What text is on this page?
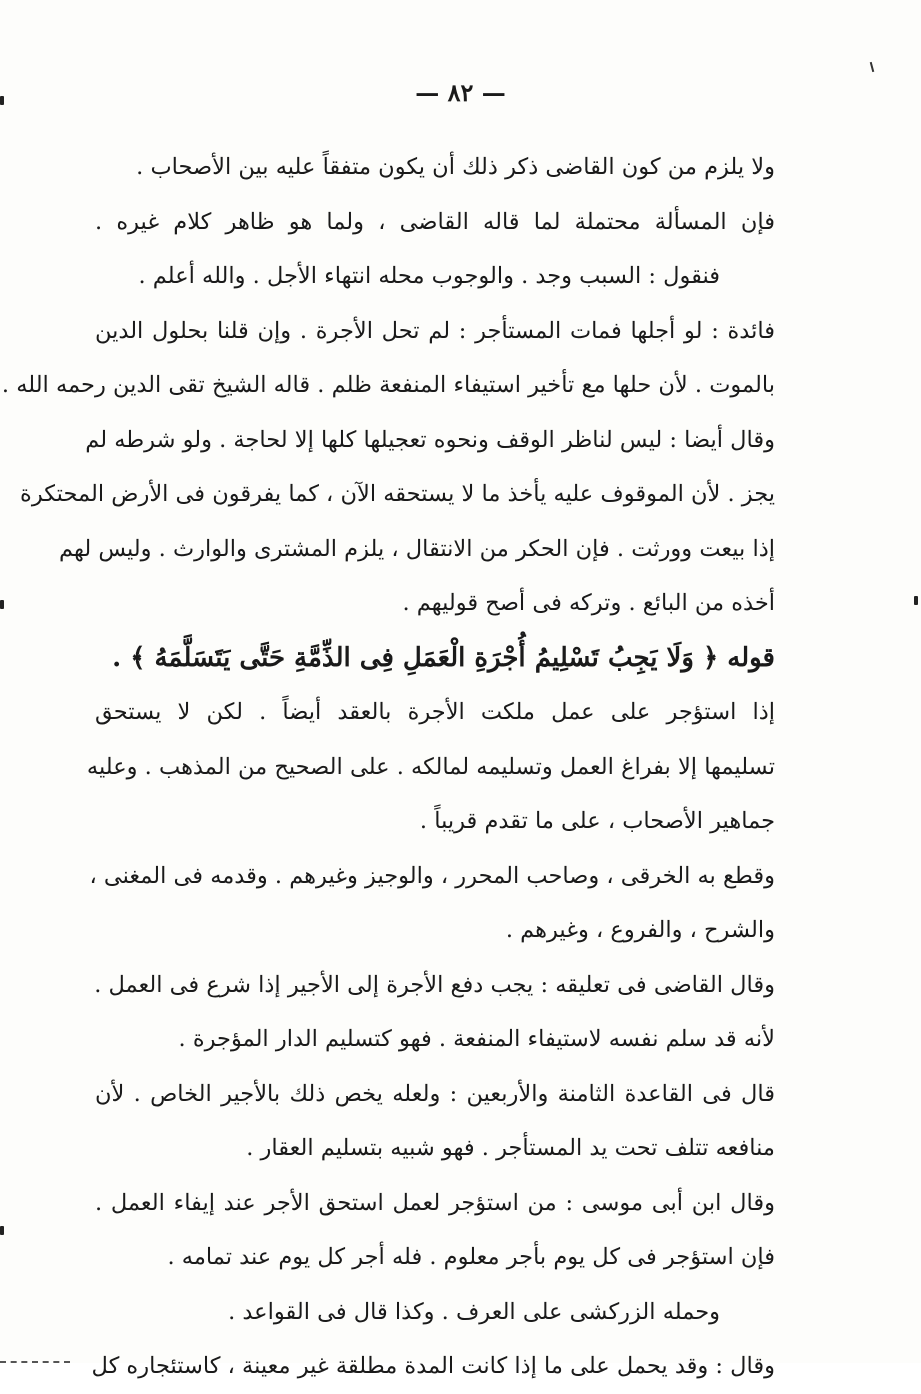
— ٨٢ —
ولا يلزم من كون القاضى ذكر ذلك أن يكون متفقاً عليه بين الأصحاب .
فإن المسألة محتملة لما قاله القاضى ، ولما هو ظاهر كلام غيره .
فنقول : السبب وجد . والوجوب محله انتهاء الأجل . والله أعلم .
فائدة : لو أجلها فمات المستأجر : لم تحل الأجرة . وإن قلنا بحلول الدين
بالموت . لأن حلها مع تأخير استيفاء المنفعة ظلم . قاله الشيخ تقى الدين رحمه الله .
وقال أيضا : ليس لناظر الوقف ونحوه تعجيلها كلها إلا لحاجة . ولو شرطه لم
يجز . لأن الموقوف عليه يأخذ ما لا يستحقه الآن ، كما يفرقون فى الأرض المحتكرة
إذا بيعت وورثت . فإن الحكر من الانتقال ، يلزم المشترى والوارث . وليس لهم
أخذه من البائع . وتركه فى أصح قوليهم .
قوله ﴿ وَلَا يَجِبُ تَسْلِيمُ أُجْرَةِ الْعَمَلِ فِى الذِّمَّةِ حَتَّى يَتَسَلَّمَهُ ﴾ .
إذا استؤجر على عمل ملكت الأجرة بالعقد أيضاً . لكن لا يستحق
تسليمها إلا بفراغ العمل وتسليمه لمالكه . على الصحيح من المذهب . وعليه
جماهير الأصحاب ، على ما تقدم قريباً .
وقطع به الخرقى ، وصاحب المحرر ، والوجيز وغيرهم . وقدمه فى المغنى ،
والشرح ، والفروع ، وغيرهم .
وقال القاضى فى تعليقه : يجب دفع الأجرة إلى الأجير إذا شرع فى العمل .
لأنه قد سلم نفسه لاستيفاء المنفعة . فهو كتسليم الدار المؤجرة .
قال فى القاعدة الثامنة والأربعين : ولعله يخص ذلك بالأجير الخاص . لأن
منافعه تتلف تحت يد المستأجر . فهو شبيه بتسليم العقار .
وقال ابن أبى موسى : من استؤجر لعمل استحق الأجر عند إيفاء العمل .
فإن استؤجر فى كل يوم بأجر معلوم . فله أجر كل يوم عند تمامه .
وحمله الزركشى على العرف . وكذا قال فى القواعد .
وقال : وقد يحمل على ما إذا كانت المدة مطلقة غير معينة ، كاستئجاره كل
